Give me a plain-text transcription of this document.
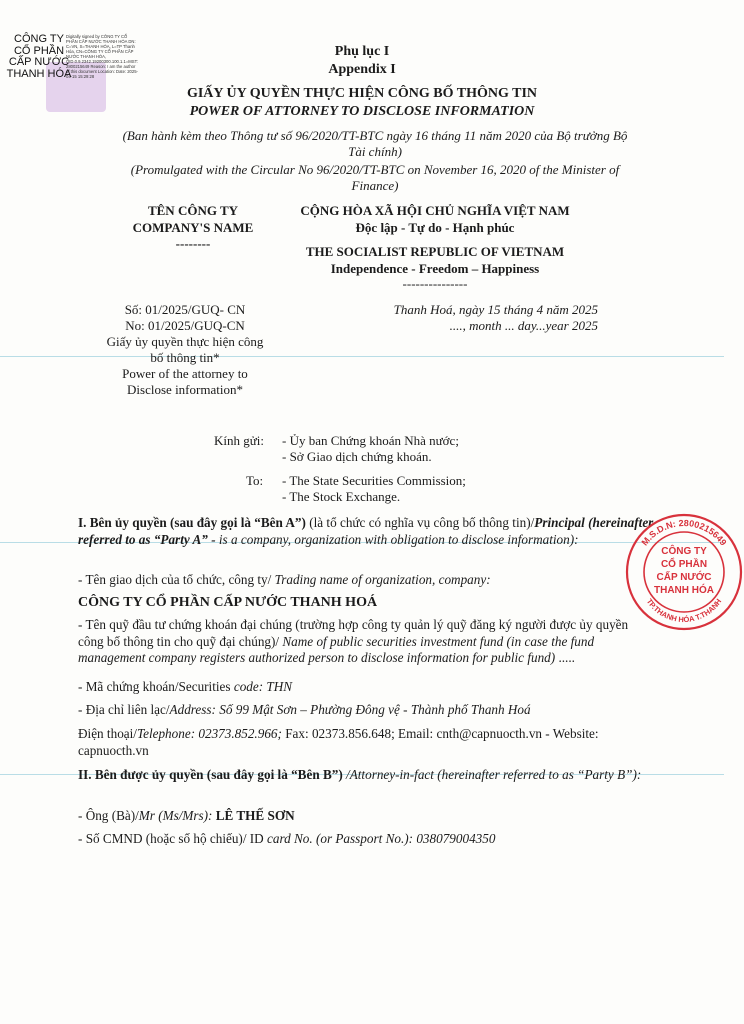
CÔNG TY CỔ PHẦN CẤP NƯỚC THANH HÓA
Digitally signed by CÔNG TY CỔ PHẦN CẤP NƯỚC THANH HÓA DN: C=VN, S=THANH HÓA, L=TP Thanh Hóa, CN=CÔNG TY CỔ PHẦN CẤP NƯỚC THANH HÓA, OID.0.9.2342.19200300.100.1.1=MST:2800215649 Reason: I am the author of this document Location: Date: 2025-04-15 15:29:28
Phụ lục I
Appendix I
GIẤY ỦY QUYỀN THỰC HIỆN CÔNG BỐ THÔNG TIN
POWER OF ATTORNEY TO DISCLOSE INFORMATION
(Ban hành kèm theo Thông tư số 96/2020/TT-BTC ngày 16 tháng 11 năm 2020 của Bộ trưởng Bộ
Tài chính)
(Promulgated with the Circular No 96/2020/TT-BTC on November 16, 2020 of the Minister of
Finance)
TÊN CÔNG TY
COMPANY'S NAME
--------
CỘNG HÒA XÃ HỘI CHỦ NGHĨA VIỆT NAM
Độc lập - Tự do - Hạnh phúc
THE SOCIALIST REPUBLIC OF VIETNAM
Independence - Freedom – Happiness
---------------
Số: 01/2025/GUQ- CN
No: 01/2025/GUQ-CN
Giấy ủy quyền thực hiện công
bố thông tin*
Power of the attorney to
Disclose information*
Thanh Hoá, ngày 15 tháng 4 năm 2025
...., month ... day...year 2025
Kính gửi: - Ủy ban Chứng khoán Nhà nước;
- Sở Giao dịch chứng khoán.
To: - The State Securities Commission;
- The Stock Exchange.
I. Bên ủy quyền (sau đây gọi là “Bên A”) (là tổ chức có nghĩa vụ công bố thông tin)/Principal (hereinafter referred to as “Party A” - is a company, organization with obligation to disclose information):
- Tên giao dịch của tổ chức, công ty/ Trading name of organization, company:
CÔNG TY CỔ PHẦN CẤP NƯỚC THANH HOÁ
- Tên quỹ đầu tư chứng khoán đại chúng (trường hợp công ty quản lý quỹ đăng ký người được ủy quyền công bố thông tin cho quỹ đại chúng)/ Name of public securities investment fund (in case the fund management company registers authorized person to disclose information for public fund) .....
- Mã chứng khoán/Securities code: THN
- Địa chỉ liên lạc/Address: Số 99 Mật Sơn – Phường Đông vệ - Thành phố Thanh Hoá
Điện thoại/Telephone: 02373.852.966; Fax: 02373.856.648; Email: cnth@capnuocth.vn - Website: capnuocth.vn
II. Bên được ủy quyền (sau đây gọi là “Bên B”) /Attorney-in-fact (hereinafter referred to as “Party B”):
- Ông (Bà)/Mr (Ms/Mrs): LÊ THẾ SƠN
- Số CMND (hoặc số hộ chiếu)/ ID card No. (or Passport No.): 038079004350
M.S.D.N: 2800215649
TP.THANH HÓA T.THANH
CÔNG TY
CỔ PHẦN
CẤP NƯỚC
THANH HÓA
